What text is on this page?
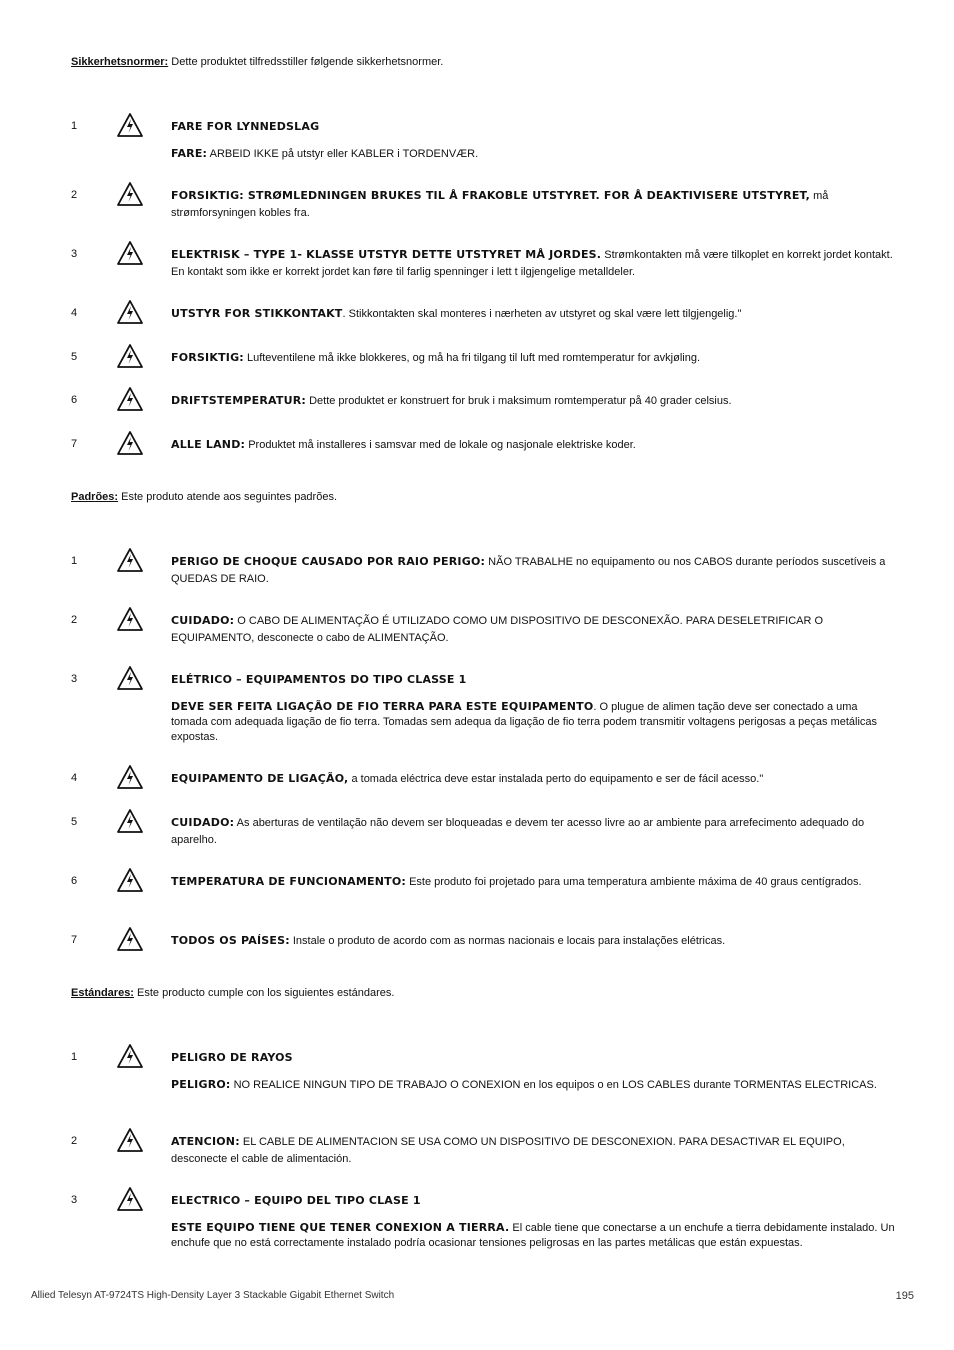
Sikkerhetsnormer: Dette produktet tilfredsstiller følgende sikkerhetsnormer.
1	FARE FOR LYNNEDSLAG
FARE: ARBEID IKKE på utstyr eller KABLER i TORDENVÆR.
2	FORSIKTIG: STRØMLEDNINGEN BRUKES TIL Å FRAKOBLE UTSTYRET. FOR Å DEAKTIVISERE UTSTYRET, må strømforsyningen kobles fra.
3	ELEKTRISK – TYPE 1- KLASSE UTSTYR DETTE UTSTYRET MÅ JORDES. Strømkontakten må være tilkoplet en korrekt jordet kontakt. En kontakt som ikke er korrekt jordet kan føre til farlig spenninger i lett t ilgjengelige metalldeler.
4	UTSTYR FOR STIKKONTAKT. Stikkontakten skal monteres i nærheten av utstyret og skal være lett tilgjengelig."
5	FORSIKTIG: Lufteventilene må ikke blokkeres, og må ha fri tilgang til luft med romtemperatur for avkjøling.
6	DRIFTSTEMPERATUR: Dette produktet er konstruert for bruk i maksimum romtemperatur på 40 grader celsius.
7	ALLE LAND: Produktet må installeres i samsvar med de lokale og nasjonale elektriske koder.
Padrões: Este produto atende aos seguintes padrões.
1	PERIGO DE CHOQUE CAUSADO POR RAIO PERIGO: NÃO TRABALHE no equipamento ou nos CABOS durante períodos suscetíveis a QUEDAS DE RAIO.
2	CUIDADO: O CABO DE ALIMENTAÇÃO É UTILIZADO COMO UM DISPOSITIVO DE DESCONEXÃO. PARA DESELETRIFICAR O EQUIPAMENTO, desconecte o cabo de ALIMENTAÇÃO.
3	ELÉTRICO – EQUIPAMENTOS DO TIPO CLASSE 1
DEVE SER FEITA LIGAÇÃO DE FIO TERRA PARA ESTE EQUIPAMENTO. O plugue de alimen tação deve ser conectado a uma tomada com adequada ligação de fio terra. Tomadas sem adequa da ligação de fio terra podem transmitir voltagens perigosas a peças metálicas expostas.
4	EQUIPAMENTO DE LIGAÇÃO, a tomada eléctrica deve estar instalada perto do equipamento e ser de fácil acesso."
5	CUIDADO: As aberturas de ventilação não devem ser bloqueadas e devem ter acesso livre ao ar ambiente para arrefecimento adequado do aparelho.
6	TEMPERATURA DE FUNCIONAMENTO: Este produto foi projetado para uma temperatura ambiente máxima de 40 graus centígrados.
7	TODOS OS PAÍSES: Instale o produto de acordo com as normas nacionais e locais para instalações elétricas.
Estándares: Este producto cumple con los siguientes estándares.
1	PELIGRO DE RAYOS
PELIGRO: NO REALICE NINGUN TIPO DE TRABAJO O CONEXION en los equipos o en LOS CABLES durante TORMENTAS ELECTRICAS.
2	ATENCION: EL CABLE DE ALIMENTACION SE USA COMO UN DISPOSITIVO DE DESCONEXION. PARA DESACTIVAR EL EQUIPO, desconecte el cable de alimentación.
3	ELECTRICO – EQUIPO DEL TIPO CLASE 1
ESTE EQUIPO TIENE QUE TENER CONEXION A TIERRA. El cable tiene que conectarse a un enchufe a tierra debidamente instalado. Un enchufe que no está correctamente instalado podría ocasionar tensiones peligrosas en las partes metálicas que están expuestas.
Allied Telesyn AT-9724TS High-Density Layer 3 Stackable Gigabit Ethernet Switch	195
